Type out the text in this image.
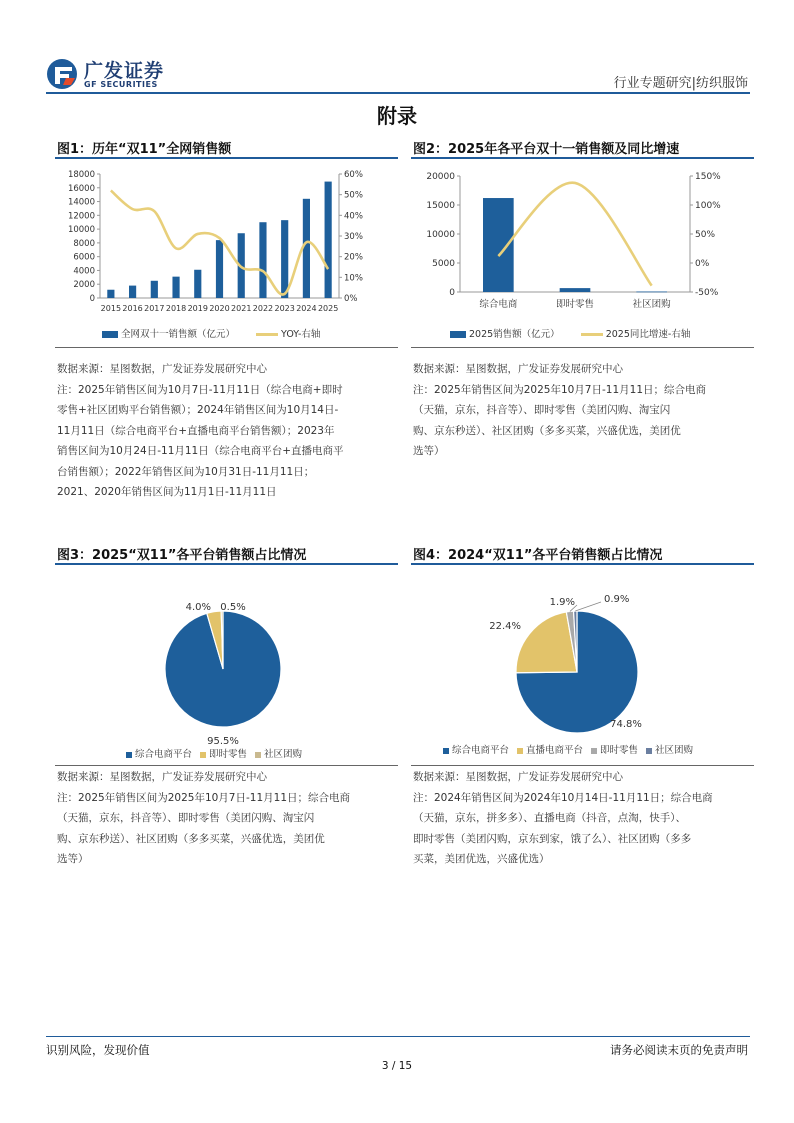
广发证券
GF SECURITIES	行业专题研究|纺织服饰
附录
图1：历年“双11”全网销售额
0
2000
4000
6000
8000
10000
12000
14000
16000
18000
0%
10%
20%
30%
40%
50%
60%
2015 2016 2017 2018 2019 2020 2021 2022 2023 2024 2025
全网双十一销售额（亿元）	YOY-右轴
数据来源：星图数据，广发证券发展研究中心
注：2025年销售区间为10月7日-11月11日（综合电商+即时
零售+社区团购平台销售额）；2024年销售区间为10月14日-
11月11日（综合电商平台+直播电商平台销售额）；2023年
销售区间为10月24日-11月11日（综合电商平台+直播电商平
台销售额）；2022年销售区间为10月31日-11月11日；
2021、2020年销售区间为11月1日-11月11日
图2：2025年各平台双十一销售额及同比增速
0
5000
10000
15000
20000
-50%
0%
50%
100%
150%
综合电商	即时零售	社区团购
2025销售额（亿元）	2025同比增速-右轴
数据来源：星图数据，广发证券发展研究中心
注：2025年销售区间为2025年10月7日-11月11日；综合电商
（天猫，京东，抖音等）、即时零售（美团闪购、淘宝闪
购、京东秒送）、社区团购（多多买菜，兴盛优选，美团优
选等）
图3：2025“双11”各平台销售额占比情况
95.5%
4.0% 0.5%
综合电商平台 即时零售 社区团购
数据来源：星图数据，广发证券发展研究中心
注：2025年销售区间为2025年10月7日-11月11日；综合电商
（天猫，京东，抖音等）、即时零售（美团闪购、淘宝闪
购、京东秒送）、社区团购（多多买菜，兴盛优选，美团优
选等）
图4：2024“双11”各平台销售额占比情况
74.8%
22.4%
1.9%	0.9%
综合电商平台 直播电商平台 即时零售 社区团购
数据来源：星图数据，广发证券发展研究中心
注：2024年销售区间为2024年10月14日-11月11日；综合电商
（天猫，京东，拼多多）、直播电商（抖音，点淘，快手）、
即时零售（美团闪购，京东到家，饿了么）、社区团购（多多
买菜，美团优选，兴盛优选）
识别风险，发现价值	请务必阅读末页的免责声明
3 / 15
